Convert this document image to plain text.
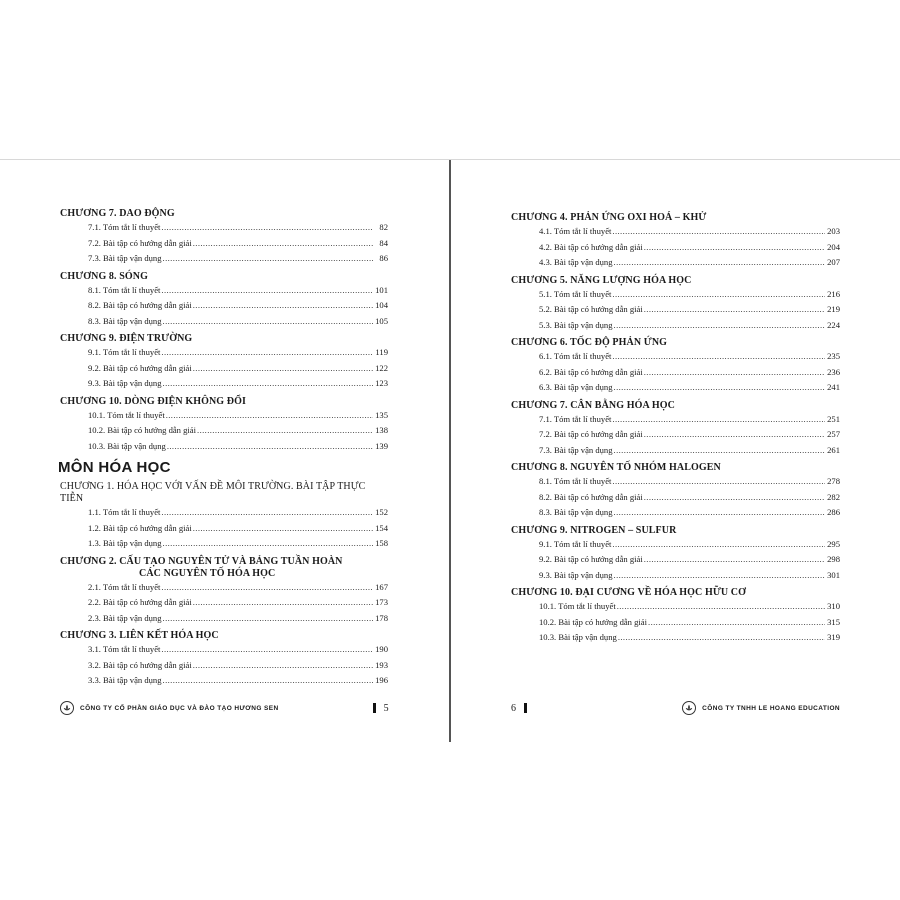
CHƯƠNG 7. DAO ĐỘNG
7.1. Tóm tắt lí thuyết .....	82
7.2. Bài tập có hướng dẫn giải .....	84
7.3. Bài tập vận dụng .....	86
CHƯƠNG 8. SÓNG
8.1. Tóm tắt lí thuyết .....	101
8.2. Bài tập có hướng dẫn giải .....	104
8.3. Bài tập vận dụng .....	105
CHƯƠNG 9. ĐIỆN TRƯỜNG
9.1. Tóm tắt lí thuyết .....	119
9.2. Bài tập có hướng dẫn giải .....	122
9.3. Bài tập vận dụng .....	123
CHƯƠNG 10. DÒNG ĐIỆN KHÔNG ĐỔI
10.1. Tóm tắt lí thuyết .....	135
10.2. Bài tập có hướng dẫn giải .....	138
10.3. Bài tập vận dụng .....	139
MÔN HÓA HỌC
CHƯƠNG 1. HÓA HỌC VỚI VẤN ĐỀ MÔI TRƯỜNG. BÀI TẬP THỰC TIỄN
1.1. Tóm tắt lí thuyết .....	152
1.2. Bài tập có hướng dẫn giải .....	154
1.3. Bài tập vận dụng .....	158
CHƯƠNG 2. CẤU TẠO NGUYÊN TỬ VÀ BẢNG TUẦN HOÀN
CÁC NGUYÊN TỐ HÓA HỌC
2.1. Tóm tắt lí thuyết .....	167
2.2. Bài tập có hướng dẫn giải .....	173
2.3. Bài tập vận dụng .....	178
CHƯƠNG 3. LIÊN KẾT HÓA HỌC
3.1. Tóm tắt lí thuyết .....	190
3.2. Bài tập có hướng dẫn giải .....	193
3.3. Bài tập vận dụng .....	196
CÔNG TY CỔ PHẦN GIÁO DỤC VÀ ĐÀO TẠO HƯƠNG SEN	5
CHƯƠNG 4. PHẢN ỨNG OXI HOÁ – KHỬ
4.1. Tóm tắt lí thuyết .....	203
4.2. Bài tập có hướng dẫn giải .....	204
4.3. Bài tập vận dụng .....	207
CHƯƠNG 5. NĂNG LƯỢNG HÓA HỌC
5.1. Tóm tắt lí thuyết .....	216
5.2. Bài tập có hướng dẫn giải .....	219
5.3. Bài tập vận dụng .....	224
CHƯƠNG 6. TỐC ĐỘ PHẢN ỨNG
6.1. Tóm tắt lí thuyết .....	235
6.2. Bài tập có hướng dẫn giải .....	236
6.3. Bài tập vận dụng .....	241
CHƯƠNG 7. CÂN BẰNG HÓA HỌC
7.1. Tóm tắt lí thuyết .....	251
7.2. Bài tập có hướng dẫn giải .....	257
7.3. Bài tập vận dụng .....	261
CHƯƠNG 8. NGUYÊN TỐ NHÓM HALOGEN
8.1. Tóm tắt lí thuyết .....	278
8.2. Bài tập có hướng dẫn giải .....	282
8.3. Bài tập vận dụng .....	286
CHƯƠNG 9. NITROGEN – SULFUR
9.1. Tóm tắt lí thuyết .....	295
9.2. Bài tập có hướng dẫn giải .....	298
9.3. Bài tập vận dụng .....	301
CHƯƠNG 10. ĐẠI CƯƠNG VỀ HÓA HỌC HỮU CƠ
10.1. Tóm tắt lí thuyết .....	310
10.2. Bài tập có hướng dẫn giải .....	315
10.3. Bài tập vận dụng .....	319
6	CÔNG TY TNHH LE HOANG EDUCATION
